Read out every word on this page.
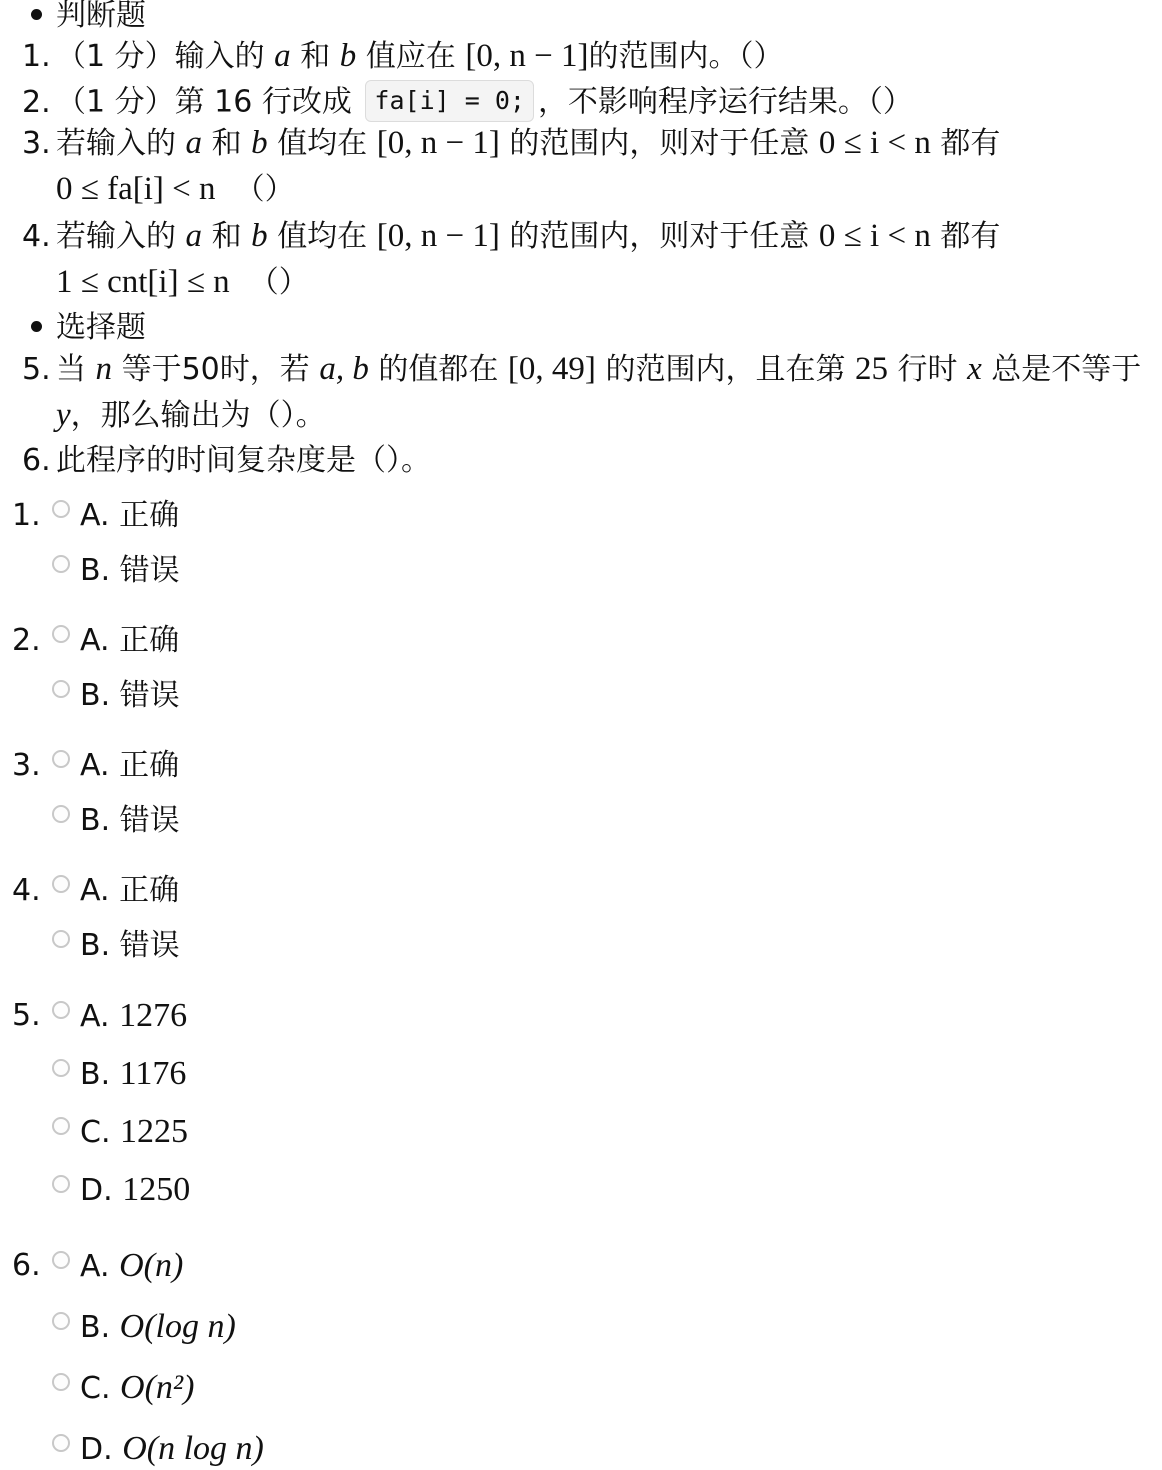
判断题
1. （1 分）输入的 a 和 b 值应在 [0, n − 1]的范围内。（）
2. （1 分）第 16 行改成 fa[i] = 0; ，不影响程序运行结果。（）
3. 若输入的 a 和 b 值均在 [0, n − 1] 的范围内，则对于任意 0 ≤ i < n 都有
0 ≤ fa[i] < n （）
4. 若输入的 a 和 b 值均在 [0, n − 1] 的范围内，则对于任意 0 ≤ i < n 都有
1 ≤ cnt[i] ≤ n （）
选择题
5. 当 n 等于50时，若 a, b 的值都在 [0, 49] 的范围内，且在第 25 行时 x 总是不等于
y，那么输出为（）。
6. 此程序的时间复杂度是（）。
1.	A. 正确
B. 错误
2.	A. 正确
B. 错误
3.	A. 正确
B. 错误
4.	A. 正确
B. 错误
5.	A. 1276
B. 1176
C. 1225
D. 1250
6.	A. O(n)
B. O(log n)
C. O(n²)
D. O(n log n)
